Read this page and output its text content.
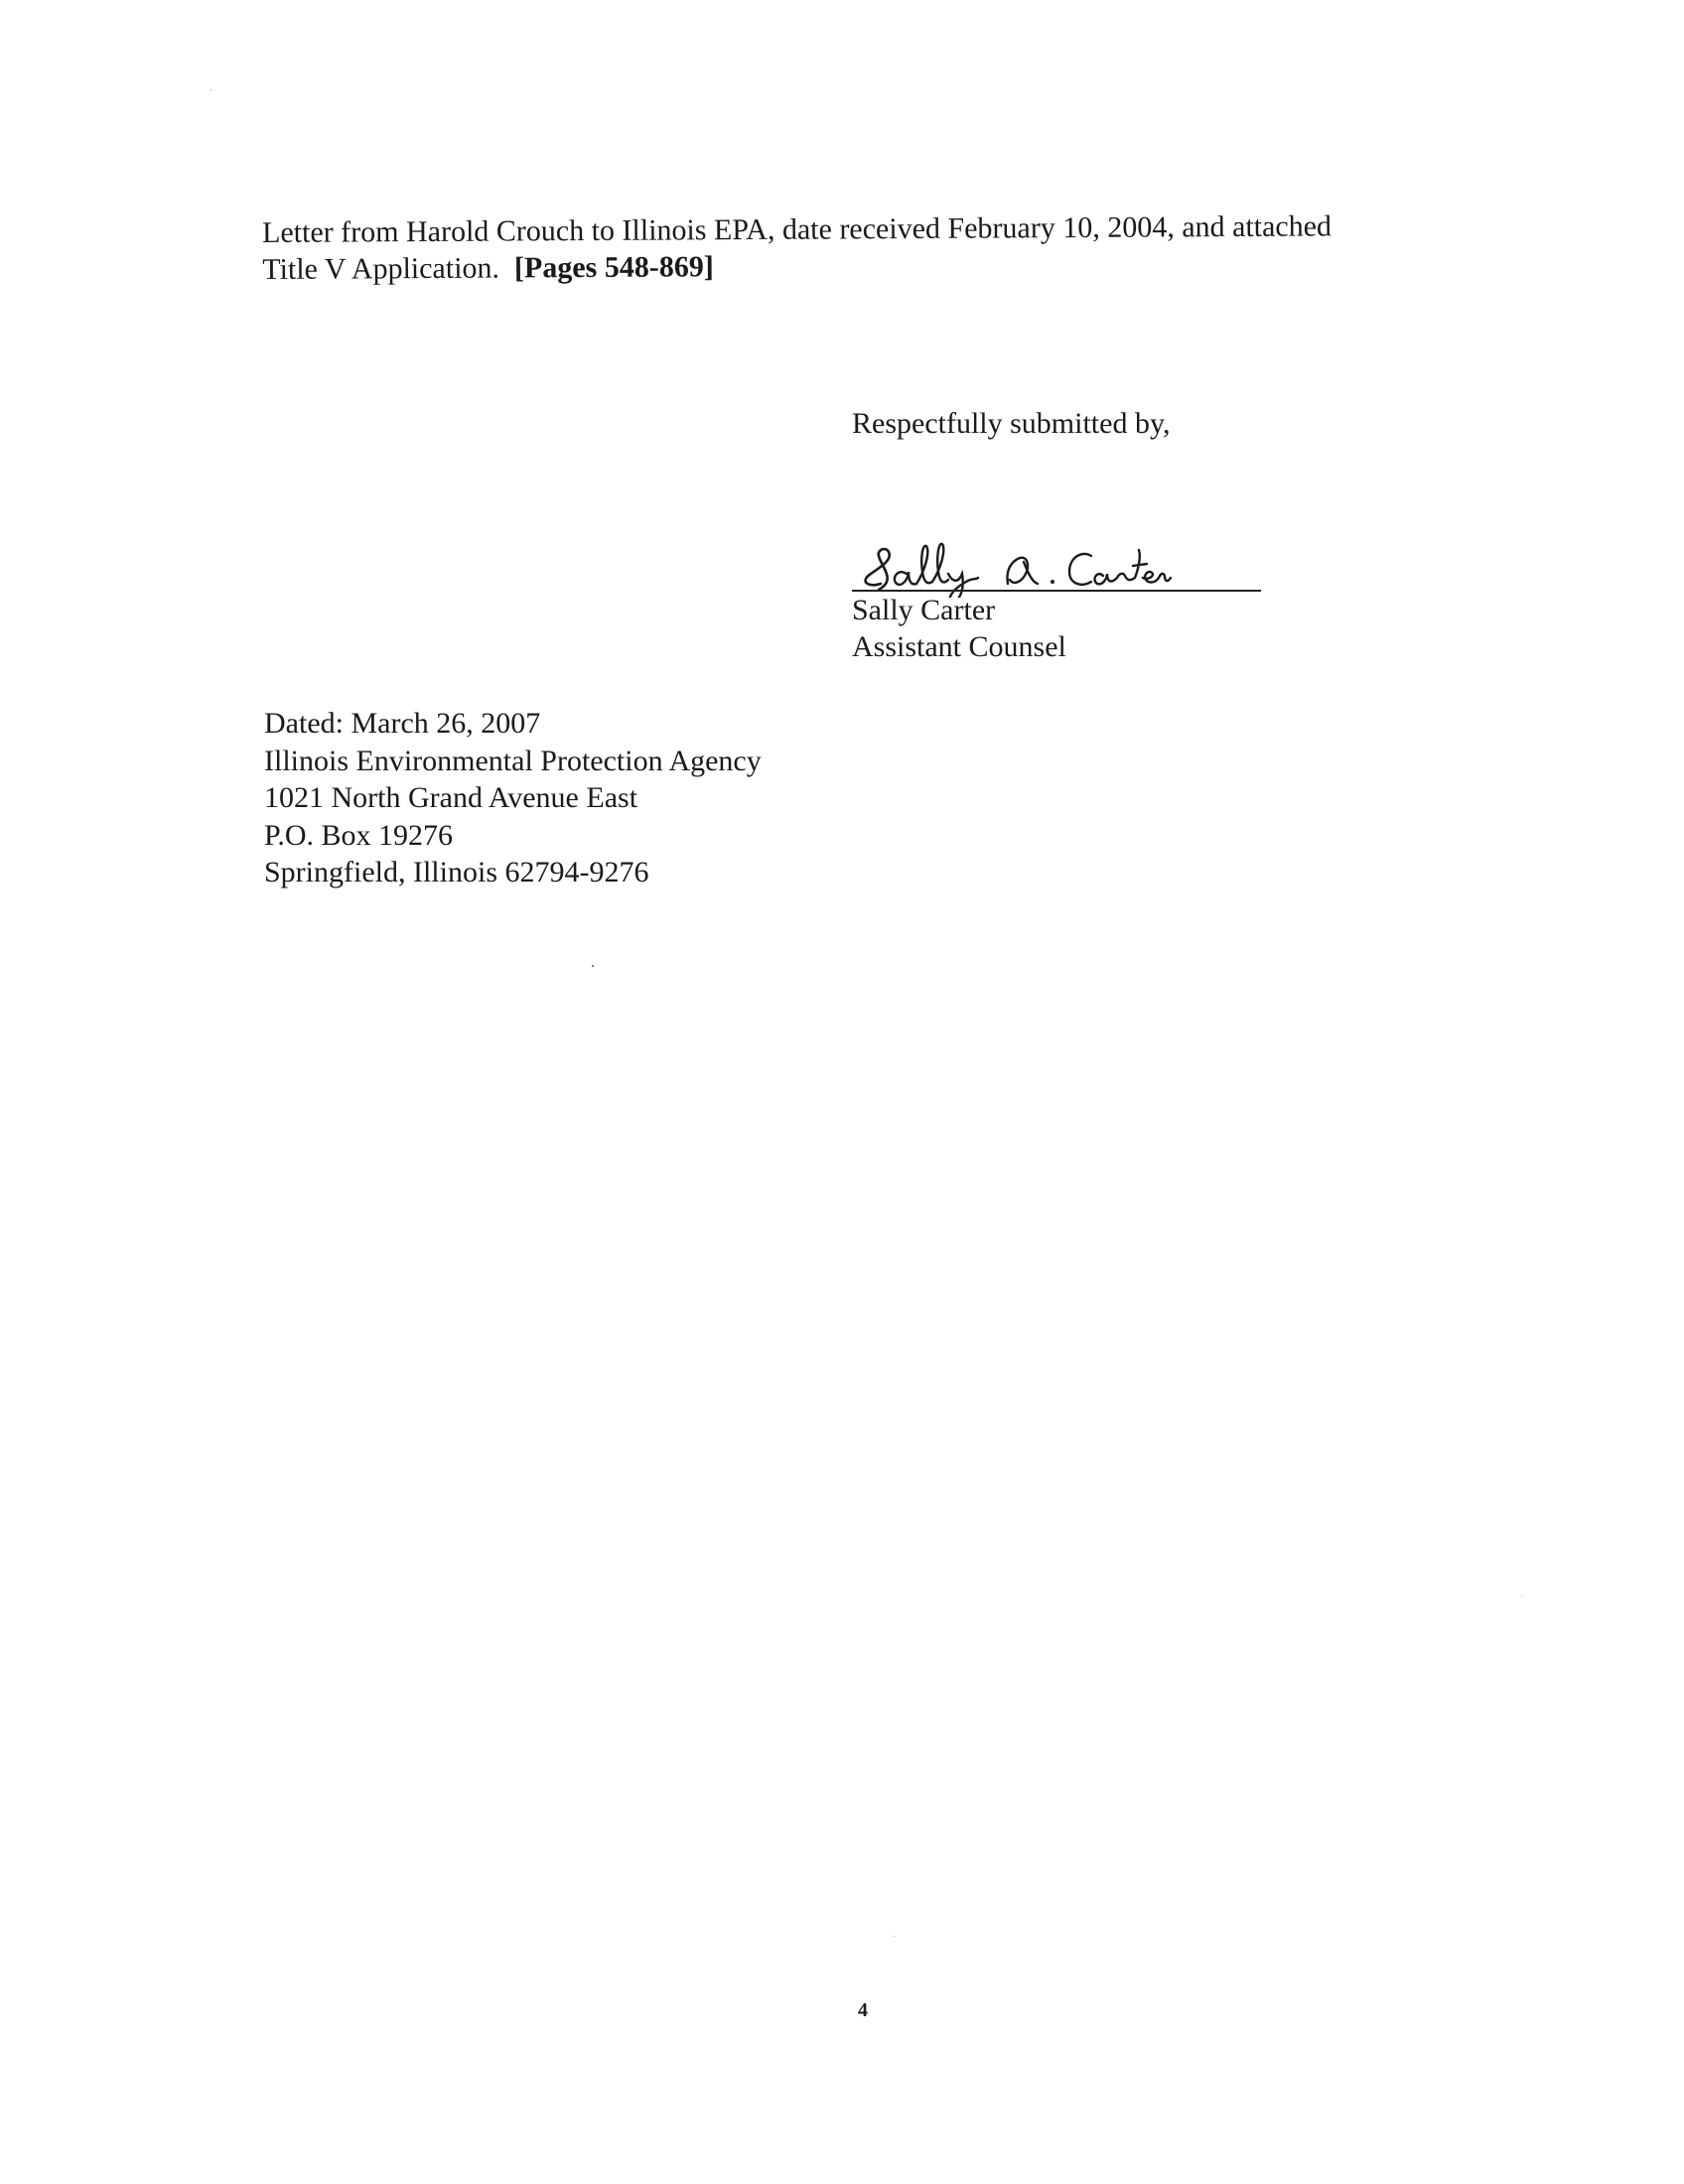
Letter from Harold Crouch to Illinois EPA, date received February 10, 2004, and attached
Title V Application. [Pages 548-869]
Respectfully submitted by,
Sally Carter
Assistant Counsel
Dated: March 26, 2007
Illinois Environmental Protection Agency
1021 North Grand Avenue East
P.O. Box 19276
Springfield, Illinois 62794-9276
4
